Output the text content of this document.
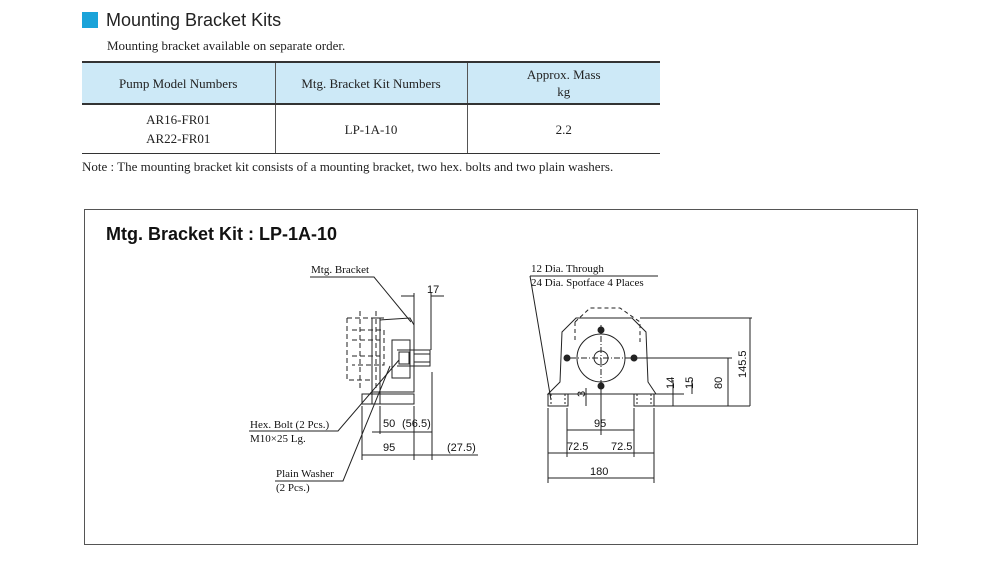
Mounting Bracket Kits
Mounting bracket available on separate order.
Pump Model Numbers	Mtg. Bracket Kit Numbers	Approx. Mass
kg
AR16-FR01
AR22-FR01	LP-1A-10	2.2
Note : The mounting bracket kit consists of a mounting bracket, two hex. bolts and two plain washers.
Mtg. Bracket Kit : LP-1A-10
Mtg. Bracket
17
Hex. Bolt (2 Pcs.)
M10×25 Lg.
50 (56.5)
95	(27.5)
Plain Washer
(2 Pcs.)
12 Dia. Through
24 Dia. Spotface 4 Places
3
95
72.5 72.5
180
14 15 80
145.5
